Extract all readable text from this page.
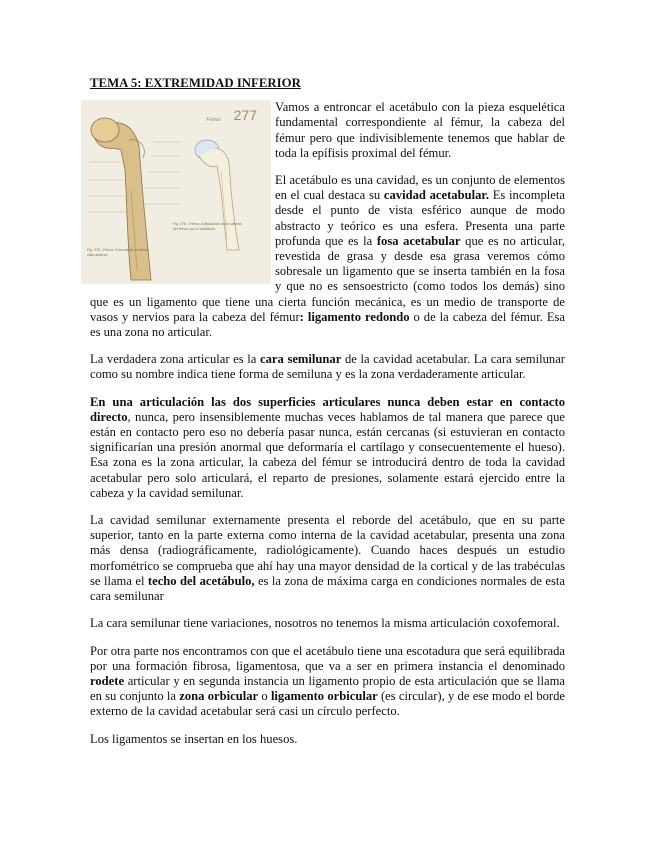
TEMA 5: EXTREMIDAD INFERIOR
Fémur 277
Fig. 276 - Fémur. Extremidad proximal, vista anterior.
Fig. 278 - Fémur. Articulación de la cabeza del fémur con el acetábulo.

Vamos a entroncar el acetábulo con la pieza esquelética fundamental correspondiente al fémur, la cabeza del fémur pero que indivisiblemente tenemos que hablar de toda la epífisis proximal del fémur.

El acetábulo es una cavidad, es un conjunto de elementos en el cual destaca su cavidad acetabular. Es incompleta desde el punto de vista esférico aunque de modo abstracto y teórico es una esfera. Presenta una parte profunda que es la fosa acetabular que es no articular, revestida de grasa y desde esa grasa veremos cómo sobresale un ligamento que se inserta también en la fosa y que no es sensoestricto (como todos los demás) sino que es un ligamento que tiene una cierta función mecánica, es un medio de transporte de vasos y nervios para la cabeza del fémur: ligamento redondo o de la cabeza del fémur. Esa es una zona no articular.

La verdadera zona articular es la cara semilunar de la cavidad acetabular. La cara semilunar como su nombre indica tiene forma de semiluna y es la zona verdaderamente articular.

En una articulación las dos superficies articulares nunca deben estar en contacto directo, nunca, pero insensiblemente muchas veces hablamos de tal manera que parece que están en contacto pero eso no debería pasar nunca, están cercanas (si estuvieran en contacto significarían una presión anormal que deformaría el cartílago y consecuentemente el hueso). Esa zona es la zona articular, la cabeza del fémur se introducirá dentro de toda la cavidad acetabular pero solo articulará, el reparto de presiones, solamente estará ejercido entre la cabeza y la cavidad semilunar.

La cavidad semilunar externamente presenta el reborde del acetábulo, que en su parte superior, tanto en la parte externa como interna de la cavidad acetabular, presenta una zona más densa (radiográficamente, radiológicamente). Cuando haces después un estudio morfométrico se comprueba que ahí hay una mayor densidad de la cortical y de las trabéculas se llama el techo del acetábulo, es la zona de máxima carga en condiciones normales de esta cara semilunar

La cara semilunar tiene variaciones, nosotros no tenemos la misma articulación coxofemoral.

Por otra parte nos encontramos con que el acetábulo tiene una escotadura que será equilibrada por una formación fibrosa, ligamentosa, que va a ser en primera instancia el denominado rodete articular y en segunda instancia un ligamento propio de esta articulación que se llama en su conjunto la zona orbicular o ligamento orbicular (es circular), y de ese modo el borde externo de la cavidad acetabular será casi un círculo perfecto.

Los ligamentos se insertan en los huesos.
